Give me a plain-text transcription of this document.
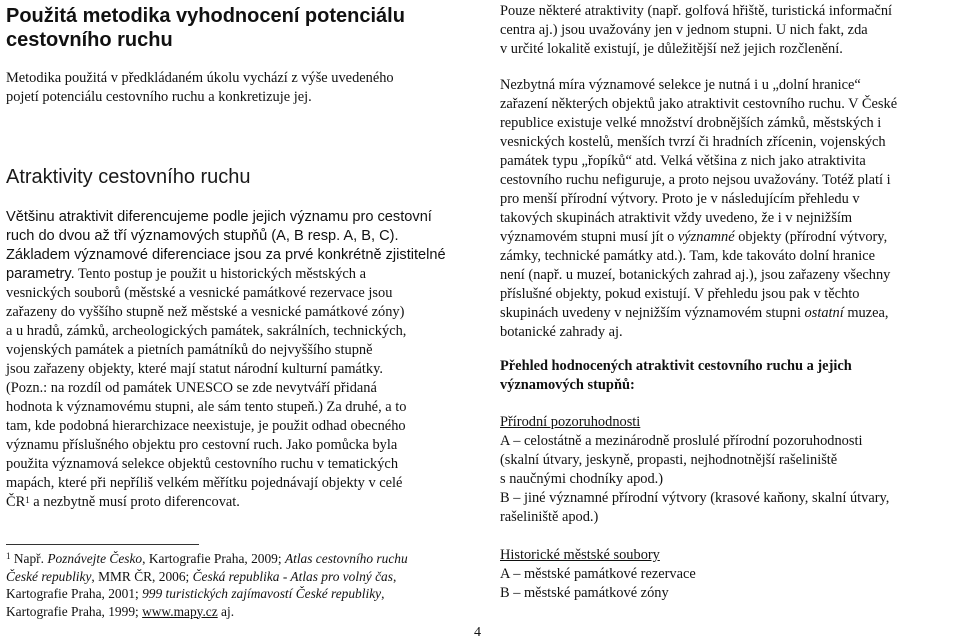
Použitá metodika vyhodnocení potenciálu
cestovního ruchu
Metodika použitá v předkládaném úkolu vychází z výše uvedeného
pojetí potenciálu cestovního ruchu a konkretizuje jej.
Atraktivity cestovního ruchu
Většinu atraktivit diferencujeme podle jejich významu pro cestovní
ruch do dvou až tří významových stupňů (A, B resp. A, B, C).
Základem významové diferenciace jsou za prvé konkrétně zjistitelné
parametry. Tento postup je použit u historických městských a
vesnických souborů (městské a vesnické památkové rezervace jsou
zařazeny do vyššího stupně než městské a vesnické památkové zóny)
a u hradů, zámků, archeologických památek, sakrálních, technických,
vojenských památek a pietních památníků do nejvyššího stupně
jsou zařazeny objekty, které mají statut národní kulturní památky.
(Pozn.: na rozdíl od památek UNESCO se zde nevytváří přidaná
hodnota k významovému stupni, ale sám tento stupeň.) Za druhé, a to
tam, kde podobná hierarchizace neexistuje, je použit odhad obecného
významu příslušného objektu pro cestovní ruch. Jako pomůcka byla
použita významová selekce objektů cestovního ruchu v tematických
mapách, které při nepříliš velkém měřítku pojednávají objekty v celé
$ČR^1$ a nezbytně musí proto diferencovat.
$^1$ Např. Poznávejte Česko, Kartografie Praha, 2009; Atlas cestovního ruchu
České republiky, MMR ČR, 2006; Česká republika - Atlas pro volný čas,
Kartografie Praha, 2001; 999 turistických zajímavostí České republiky,
Kartografie Praha, 1999; www.mapy.cz aj.
Pouze některé atraktivity (např. golfová hřiště, turistická informační
centra aj.) jsou uvažovány jen v jednom stupni. U nich fakt, zda
v určité lokalitě existují, je důležitější než jejich rozčlenění.
Nezbytná míra významové selekce je nutná i u „dolní hranice“
zařazení některých objektů jako atraktivit cestovního ruchu. V České
republice existuje velké množství drobnějších zámků, městských i
vesnických kostelů, menších tvrzí či hradních zřícenin, vojenských
památek typu „řopíků“ atd. Velká většina z nich jako atraktivita
cestovního ruchu nefiguruje, a proto nejsou uvažovány. Totéž platí i
pro menší přírodní výtvory. Proto je v následujícím přehledu v
takových skupinách atraktivit vždy uvedeno, že i v nejnižším
významovém stupni musí jít o významné objekty (přírodní výtvory,
zámky, technické památky atd.). Tam, kde takováto dolní hranice
není (např. u muzeí, botanických zahrad aj.), jsou zařazeny všechny
příslušné objekty, pokud existují. V přehledu jsou pak v těchto
skupinách uvedeny v nejnižším významovém stupni ostatní muzea,
botanické zahrady aj.
Přehled hodnocených atraktivit cestovního ruchu a jejich
významových stupňů:
Přírodní pozoruhodnosti
A – celostátně a mezinárodně proslulé přírodní pozoruhodnosti
(skalní útvary, jeskyně, propasti, nejhodnotnější rašeliniště
s naučnými chodníky apod.)
B – jiné významné přírodní výtvory (krasové kaňony, skalní útvary,
rašeliniště apod.)
Historické městské soubory
A – městské památkové rezervace
B – městské památkové zóny
4
